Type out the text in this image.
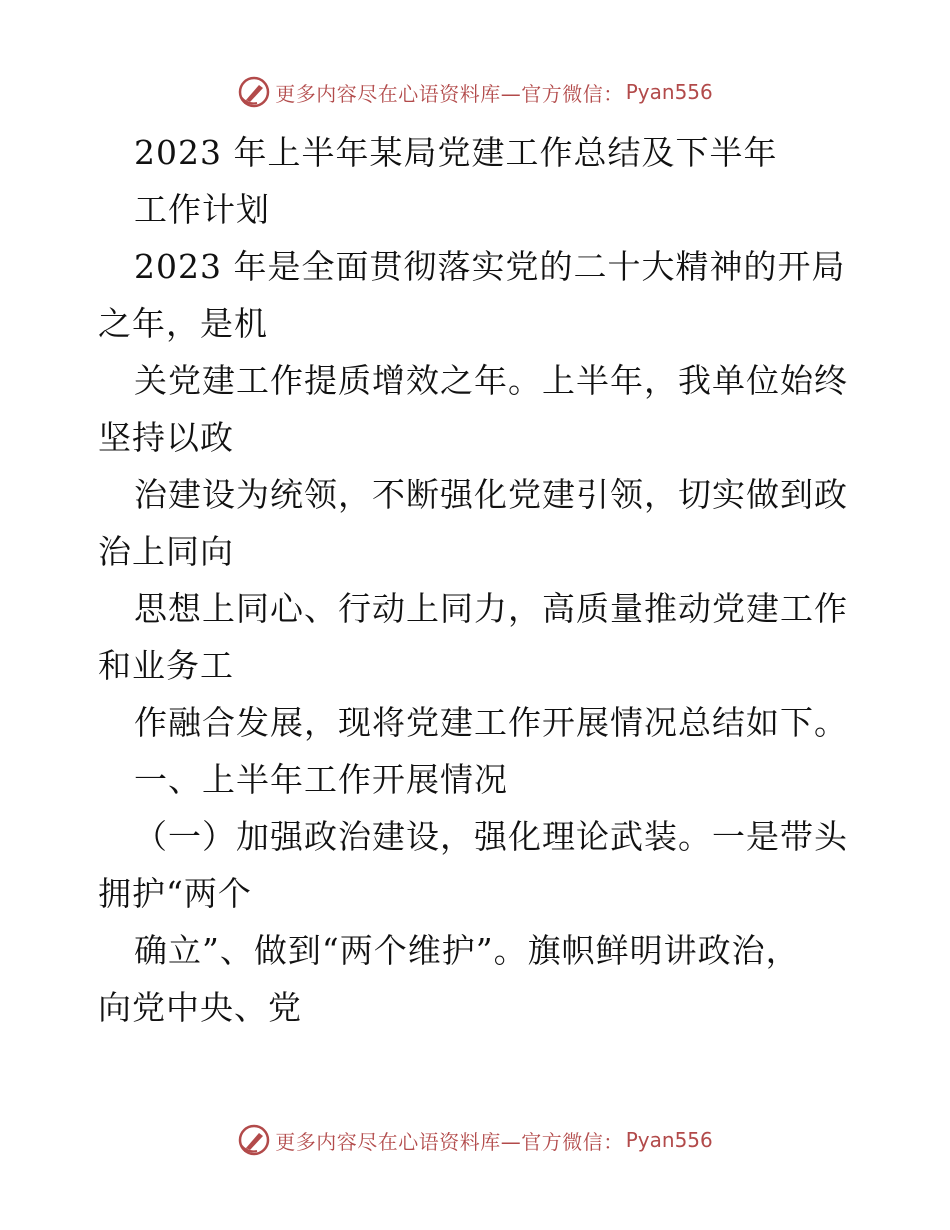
更多内容尽在心语资料库—官方微信： Pyan556
2023 年上半年某局党建工作总结及下半年
工作计划
2023 年是全面贯彻落实党的二十大精神的开局
之年，是机
关党建工作提质增效之年。上半年，我单位始终
坚持以政
治建设为统领，不断强化党建引领，切实做到政
治上同向
思想上同心、行动上同力，高质量推动党建工作
和业务工
作融合发展，现将党建工作开展情况总结如下。
一、上半年工作开展情况
（一）加强政治建设，强化理论武装。一是带头
拥护“两个
确立”、做到“两个维护”。旗帜鲜明讲政治，
向党中央、党
更多内容尽在心语资料库—官方微信： Pyan556
